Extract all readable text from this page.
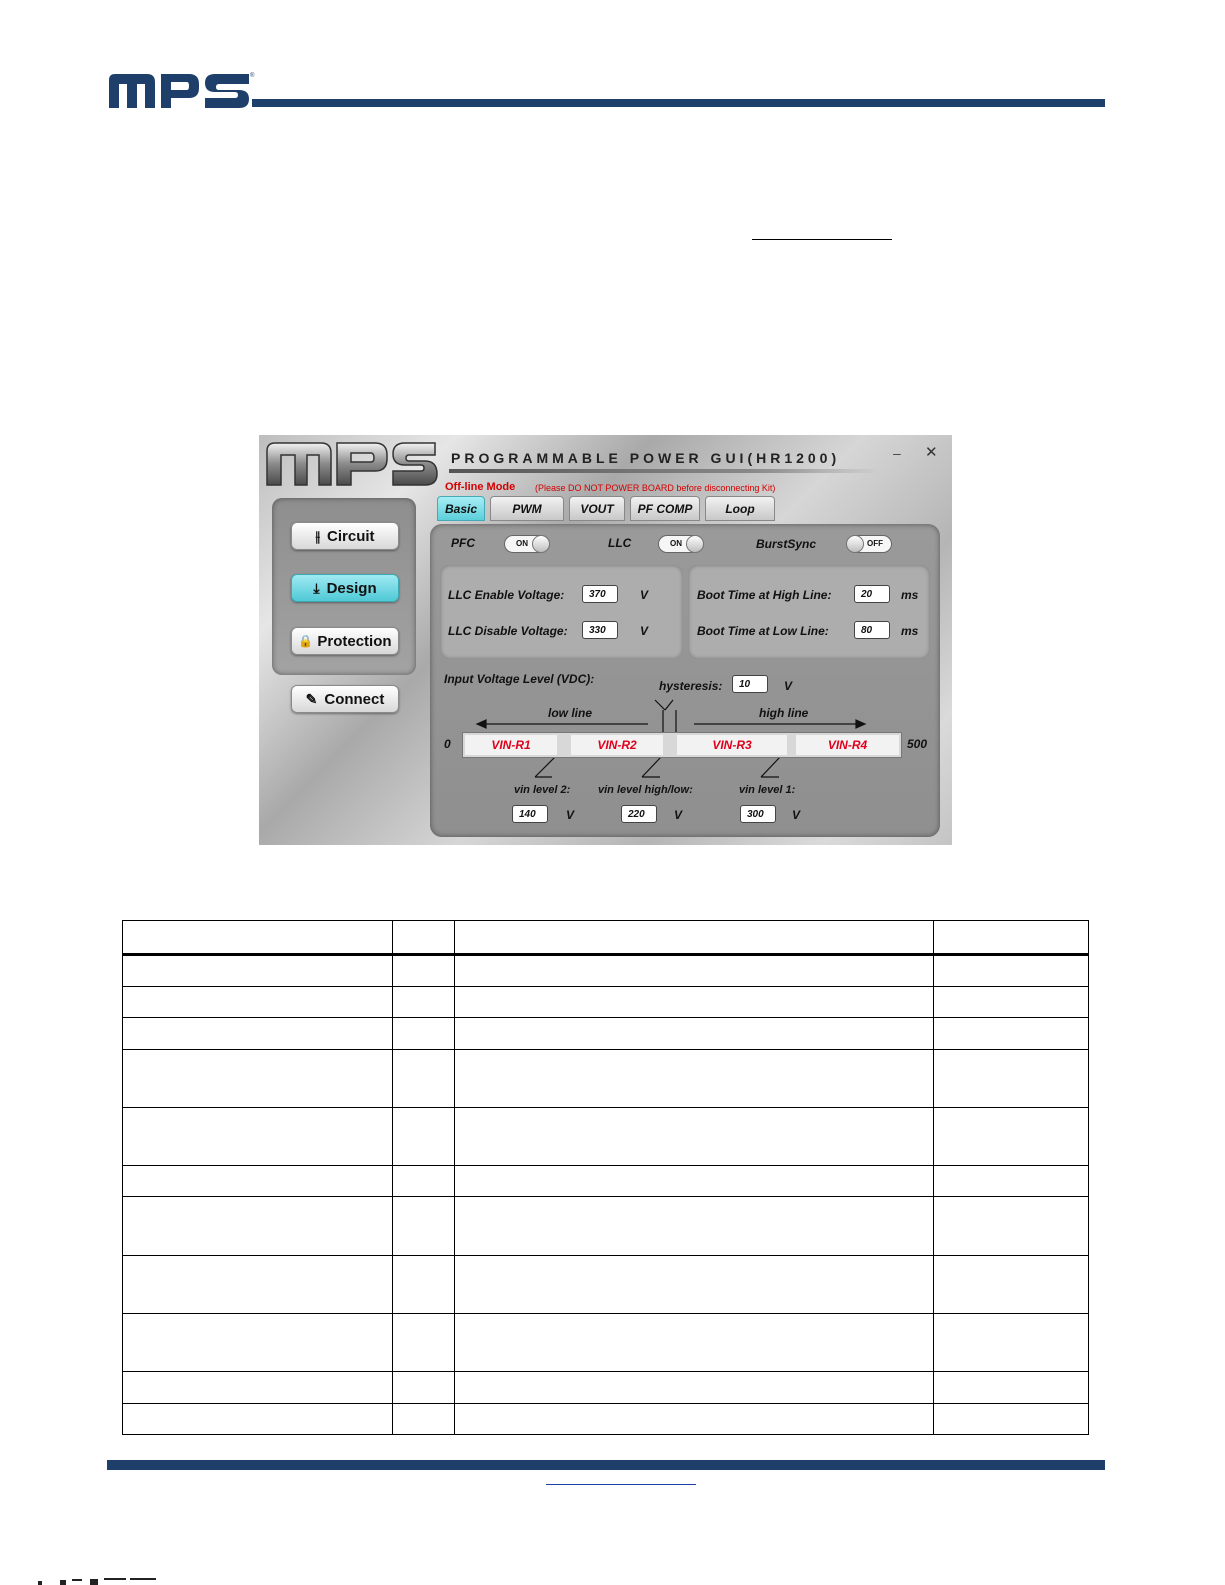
®
PROGRAMMABLE POWER GUI(HR1200)	– ✕
Off-line Mode (Please DO NOT POWER BOARD before disconnecting Kit)
⫲ Circuit
⤓ Design
🔒 Protection
✎ Connect
Basic	PWM	VOUT	PF COMP	Loop
PFC	ON	LLC	ON	BurstSync	OFF
LLC Enable Voltage:	370	V
LLC Disable Voltage:	330	V
Boot Time at High Line:	20	ms
Boot Time at Low Line:	80	ms
Input Voltage Level (VDC):	hysteresis:	10	V
low line	high line
0	VIN-R1	VIN-R2	VIN-R3	VIN-R4	500
vin level 2:	vin level high/low:	vin level 1:
140	V	220	V	300	V
